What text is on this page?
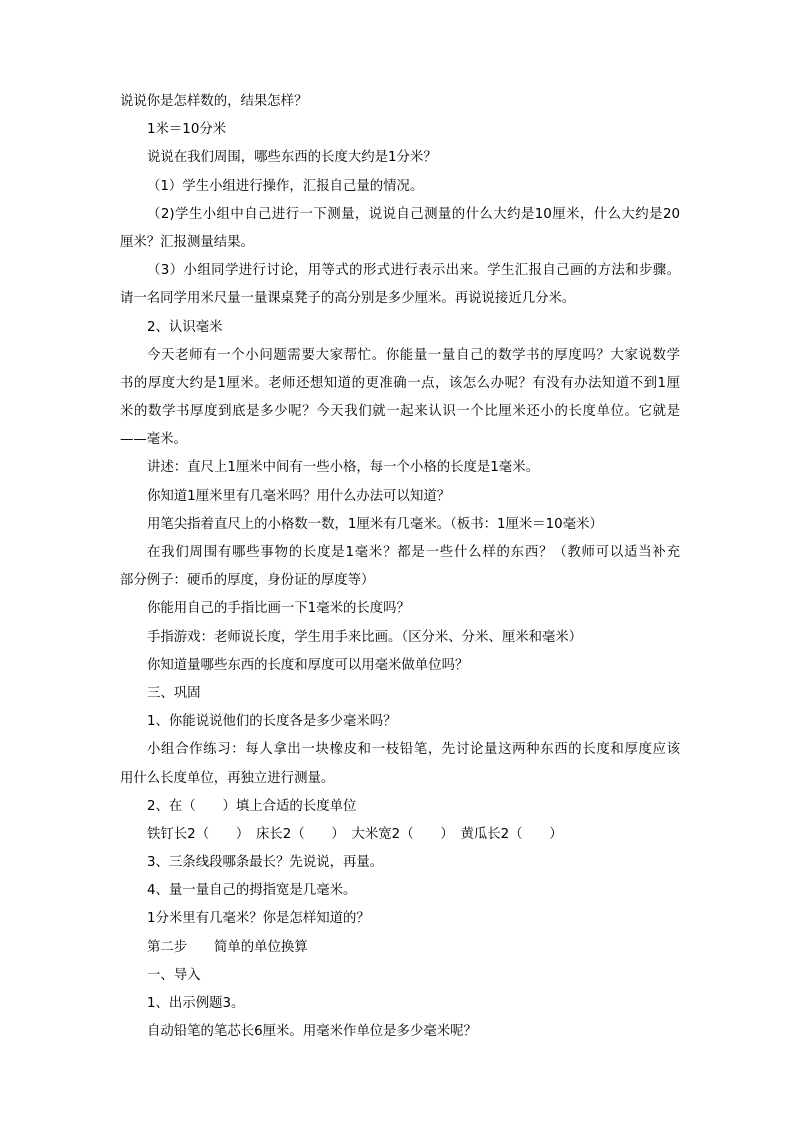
说说你是怎样数的，结果怎样？
1米＝10分米
说说在我们周围，哪些东西的长度大约是1分米？
（1）学生小组进行操作，汇报自己量的情况。
（2)学生小组中自己进行一下测量，说说自己测量的什么大约是10厘米，什么大约是20
厘米？汇报测量结果。
（3）小组同学进行讨论，用等式的形式进行表示出来。学生汇报自己画的方法和步骤。
请一名同学用米尺量一量课桌凳子的高分别是多少厘米。再说说接近几分米。
2、认识毫米
今天老师有一个小问题需要大家帮忙。你能量一量自己的数学书的厚度吗？大家说数学
书的厚度大约是1厘米。老师还想知道的更准确一点，该怎么办呢？有没有办法知道不到1厘
米的数学书厚度到底是多少呢？今天我们就一起来认识一个比厘米还小的长度单位。它就是
——毫米。
讲述：直尺上1厘米中间有一些小格，每一个小格的长度是1毫米。
你知道1厘米里有几毫米吗？用什么办法可以知道？
用笔尖指着直尺上的小格数一数，1厘米有几毫米。（板书：1厘米＝10毫米）
在我们周围有哪些事物的长度是1毫米？都是一些什么样的东西？（教师可以适当补充
部分例子：硬币的厚度，身份证的厚度等）
你能用自己的手指比画一下1毫米的长度吗？
手指游戏：老师说长度，学生用手来比画。（区分米、分米、厘米和毫米）
你知道量哪些东西的长度和厚度可以用毫米做单位吗？
三、巩固
1、你能说说他们的长度各是多少毫米吗？
小组合作练习：每人拿出一块橡皮和一枝铅笔，先讨论量这两种东西的长度和厚度应该
用什么长度单位，再独立进行测量。
2、在（　　）填上合适的长度单位
铁钉长2（　　）　床长2（　　）　大米宽2（　　）　黄瓜长2（　　）
3、三条线段哪条最长？先说说，再量。
4、量一量自己的拇指宽是几毫米。
1分米里有几毫米？你是怎样知道的？
第二步　　简单的单位换算
一、导入
1、出示例题3。
自动铅笔的笔芯长6厘米。用毫米作单位是多少毫米呢？
